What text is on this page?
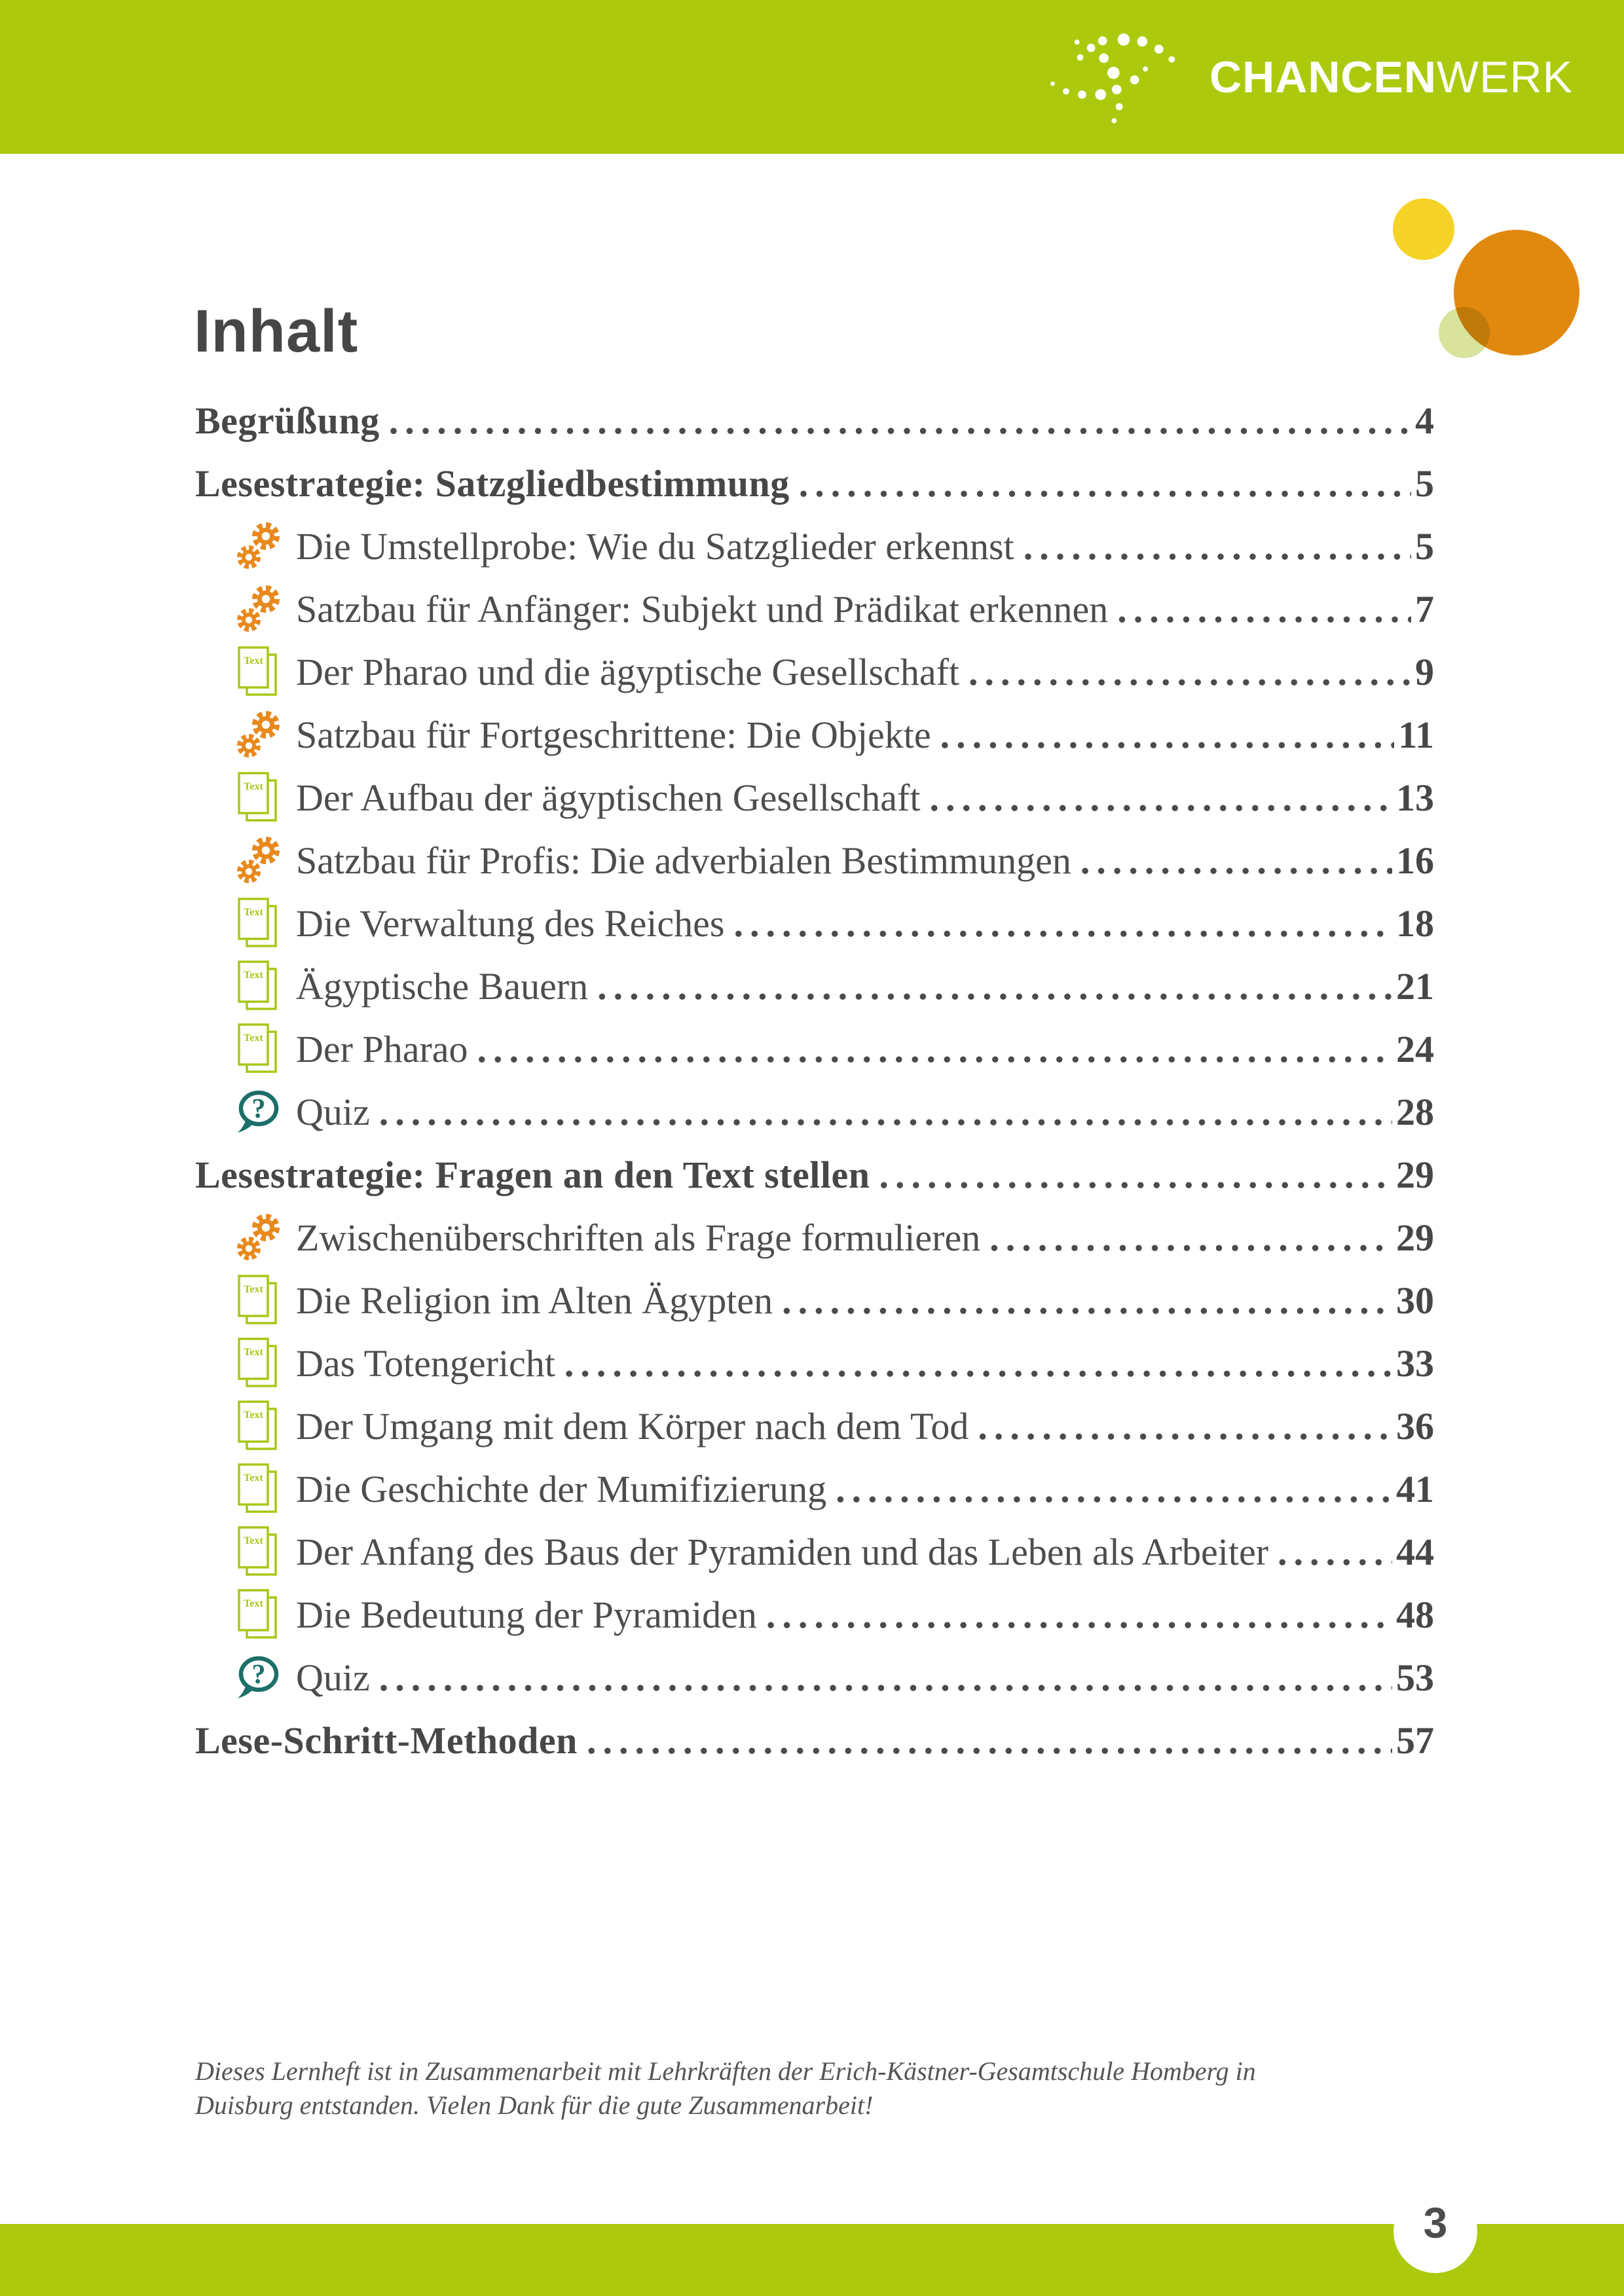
CHANCENWERK
Inhalt
Begrüßung .....	4
Lesestrategie: Satzgliedbestimmung .....	5
Die Umstellprobe: Wie du Satzglieder erkennst .....	5
Satzbau für Anfänger: Subjekt und Prädikat erkennen .....	7
Text Der Pharao und die ägyptische Gesellschaft .....	9
Satzbau für Fortgeschrittene: Die Objekte .....	11
Text Der Aufbau der ägyptischen Gesellschaft .....	13
Satzbau für Profis: Die adverbialen Bestimmungen .....	16
Text Die Verwaltung des Reiches .....	18
Text Ägyptische Bauern .....	21
Text Der Pharao .....	24
? Quiz .....	28
Lesestrategie: Fragen an den Text stellen .....	29
Zwischenüberschriften als Frage formulieren .....	29
Text Die Religion im Alten Ägypten .....	30
Text Das Totengericht .....	33
Text Der Umgang mit dem Körper nach dem Tod .....	36
Text Die Geschichte der Mumifizierung .....	41
Text Der Anfang des Baus der Pyramiden und das Leben als Arbeiter .....	44
Text Die Bedeutung der Pyramiden .....	48
? Quiz .....	53
Lese-Schritt-Methoden .....	57
Dieses Lernheft ist in Zusammenarbeit mit Lehrkräften der Erich-Kästner-Gesamtschule Homberg in
Duisburg entstanden. Vielen Dank für die gute Zusammenarbeit!
3
